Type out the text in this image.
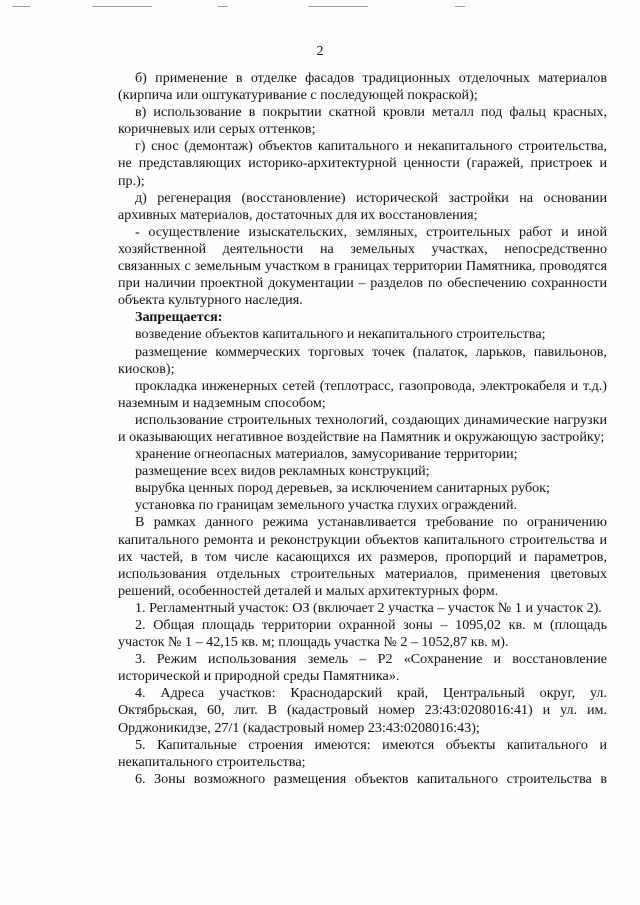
2

б) применение в отделке фасадов традиционных отделочных материалов (кирпича или оштукатуривание с последующей покраской);

в) использование в покрытии скатной кровли металл под фальц красных, коричневых или серых оттенков;

г) снос (демонтаж) объектов капитального и некапитального строительства, не представляющих историко-архитектурной ценности (гаражей, пристроек и пр.);

д) регенерация (восстановление) исторической застройки на основании архивных материалов, достаточных для их восстановления;

- осуществление изыскательских, земляных, строительных работ и иной хозяйственной деятельности на земельных участках, непосредственно связанных с земельным участком в границах территории Памятника, проводятся при наличии проектной документации – разделов по обеспечению сохранности объекта культурного наследия.

Запрещается:

возведение объектов капитального и некапитального строительства;

размещение коммерческих торговых точек (палаток, ларьков, павильонов, киосков);

прокладка инженерных сетей (теплотрасс, газопровода, электрокабеля и т.д.) наземным и надземным способом;

использование строительных технологий, создающих динамические нагрузки и оказывающих негативное воздействие на Памятник и окружающую застройку;

хранение огнеопасных материалов, замусоривание территории;

размещение всех видов рекламных конструкций;

вырубка ценных пород деревьев, за исключением санитарных рубок;

установка по границам земельного участка глухих ограждений.

В рамках данного режима устанавливается требование по ограничению капитального ремонта и реконструкции объектов капитального строительства и их частей, в том числе касающихся их размеров, пропорций и параметров, использования отдельных строительных материалов, применения цветовых решений, особенностей деталей и малых архитектурных форм.

1. Регламентный участок: ОЗ (включает 2 участка – участок № 1 и участок 2).

2. Общая площадь территории охранной зоны – 1095,02 кв. м (площадь участок № 1 – 42,15 кв. м; площадь участка № 2 – 1052,87 кв. м).

3. Режим использования земель – Р2 «Сохранение и восстановление исторической и природной среды Памятника».

4. Адреса участков: Краснодарский край, Центральный округ, ул. Октябрьская, 60, лит. В (кадастровый номер 23:43:0208016:41) и ул. им. Орджоникидзе, 27/1 (кадастровый номер 23:43:0208016:43);

5. Капитальные строения имеются: имеются объекты капитального и некапитального строительства;

6. Зоны возможного размещения объектов капитального строительства в
